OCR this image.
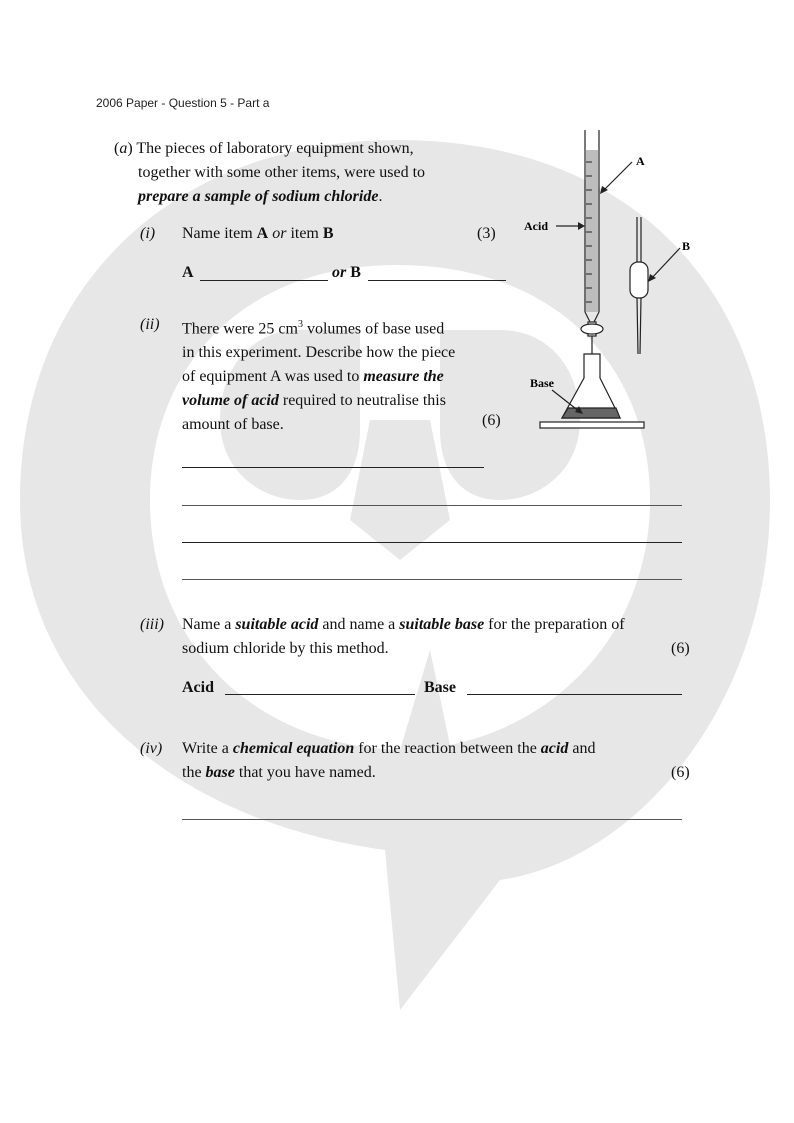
2006 Paper - Question 5 - Part a
(a) The pieces of laboratory equipment shown,
together with some other items, were used to
prepare a sample of sodium chloride.
(i) Name item A or item B	(3)
A	or B
(ii) There were 25 $cm^3$ volumes of base used
in this experiment. Describe how the piece
of equipment A was used to measure the
volume of acid required to neutralise this
amount of base.	(6)
(iii) Name a suitable acid and name a suitable base for the preparation of
sodium chloride by this method.	(6)
Acid	Base
(iv) Write a chemical equation for the reaction between the acid and
the base that you have named.	(6)
A
B
Acid
Base
